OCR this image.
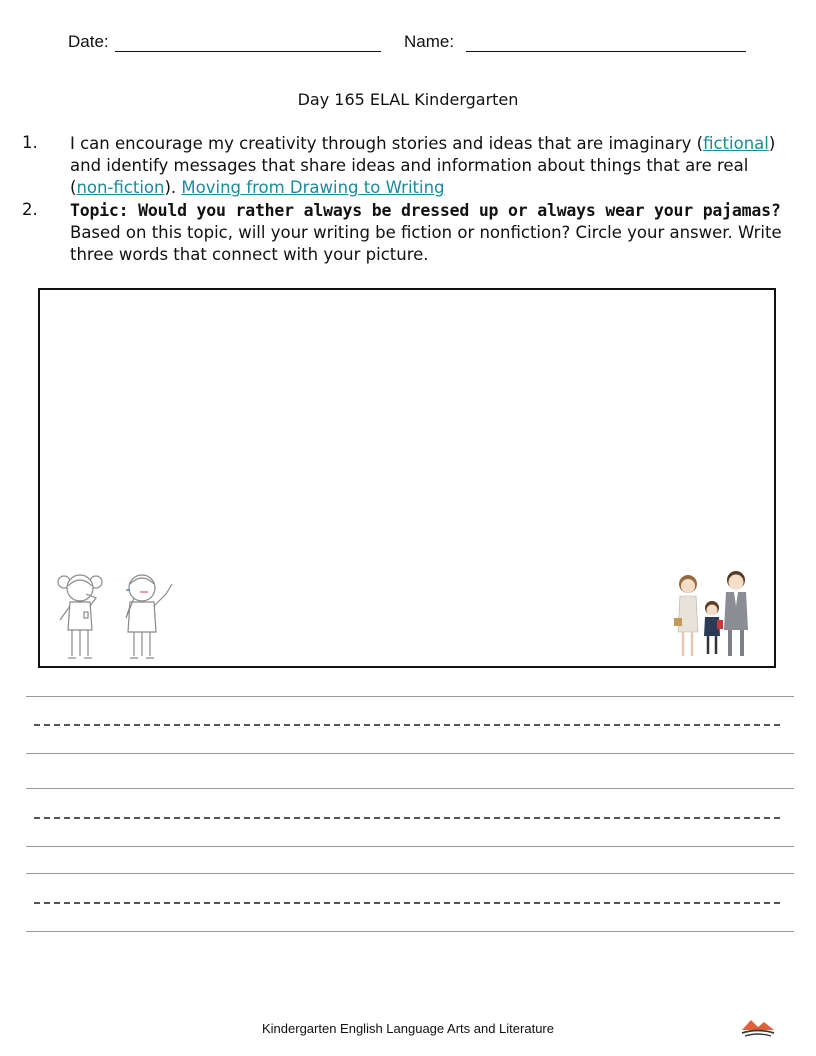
Date:	Name:
Day 165 ELAL Kindergarten
1. I can encourage my creativity through stories and ideas that are imaginary (fictional) and identify messages that share ideas and information about things that are real (non-fiction). Moving from Drawing to Writing
2. Topic: Would you rather always be dressed up or always wear your pajamas?
Based on this topic, will your writing be fiction or nonfiction? Circle your answer. Write three words that connect with your picture.
Kindergarten English Language Arts and Literature
